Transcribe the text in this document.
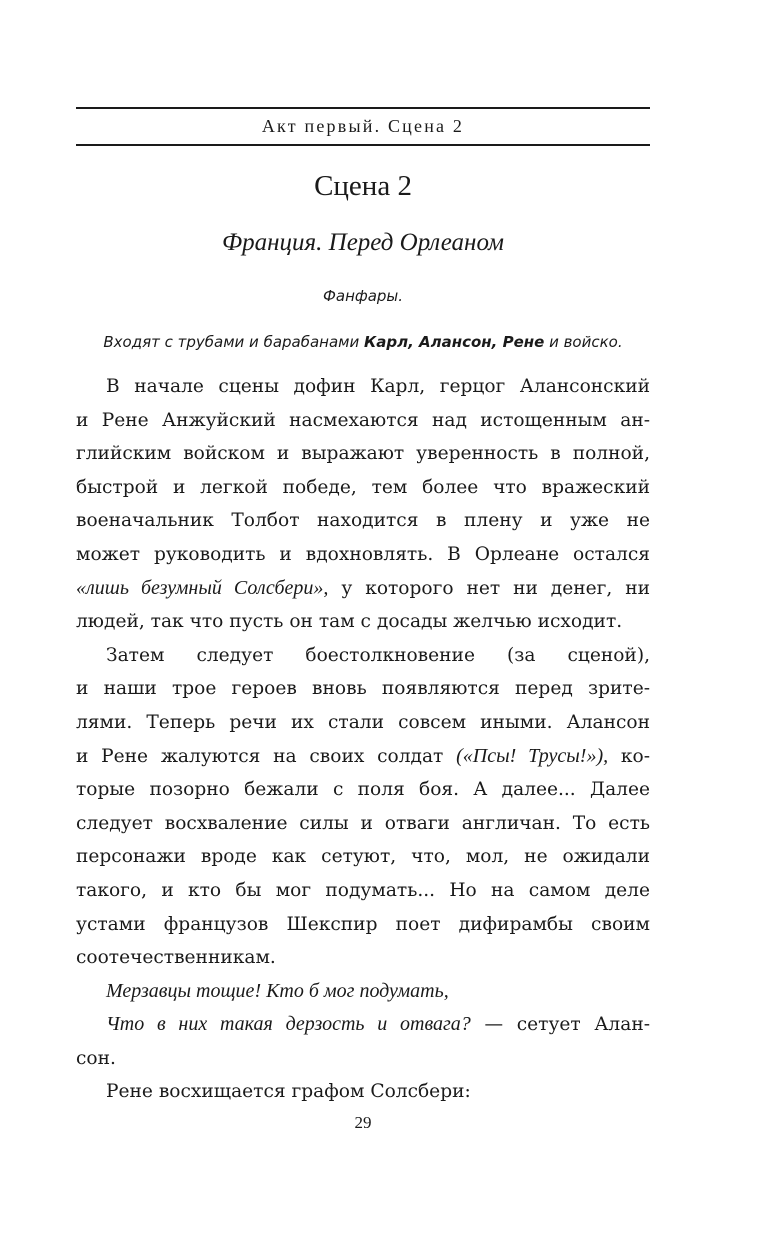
Акт первый. Сцена 2
Сцена 2
Франция. Перед Орлеаном
Фанфары.
Входят с трубами и барабанами Карл, Алансон, Рене и войско.
В начале сцены дофин Карл, герцог Алансонский
и Рене Анжуйский насмехаются над истощенным ан-
глийским войском и выражают уверенность в полной,
быстрой и легкой победе, тем более что вражеский
военачальник Толбот находится в плену и уже не
может руководить и вдохновлять. В Орлеане остался
«лишь безумный Солсбери», у которого нет ни денег, ни
людей, так что пусть он там с досады желчью исходит.
Затем следует боестолкновение (за сценой),
и наши трое героев вновь появляются перед зрите-
лями. Теперь речи их стали совсем иными. Алансон
и Рене жалуются на своих солдат («Псы! Трусы!»), ко-
торые позорно бежали с поля боя. А далее... Далее
следует восхваление силы и отваги англичан. То есть
персонажи вроде как сетуют, что, мол, не ожидали
такого, и кто бы мог подумать... Но на самом деле
устами французов Шекспир поет дифирамбы своим
соотечественникам.
Мерзавцы тощие! Кто б мог подумать,
Что в них такая дерзость и отвага? — сетует Алан-
сон.
Рене восхищается графом Солсбери:
29
